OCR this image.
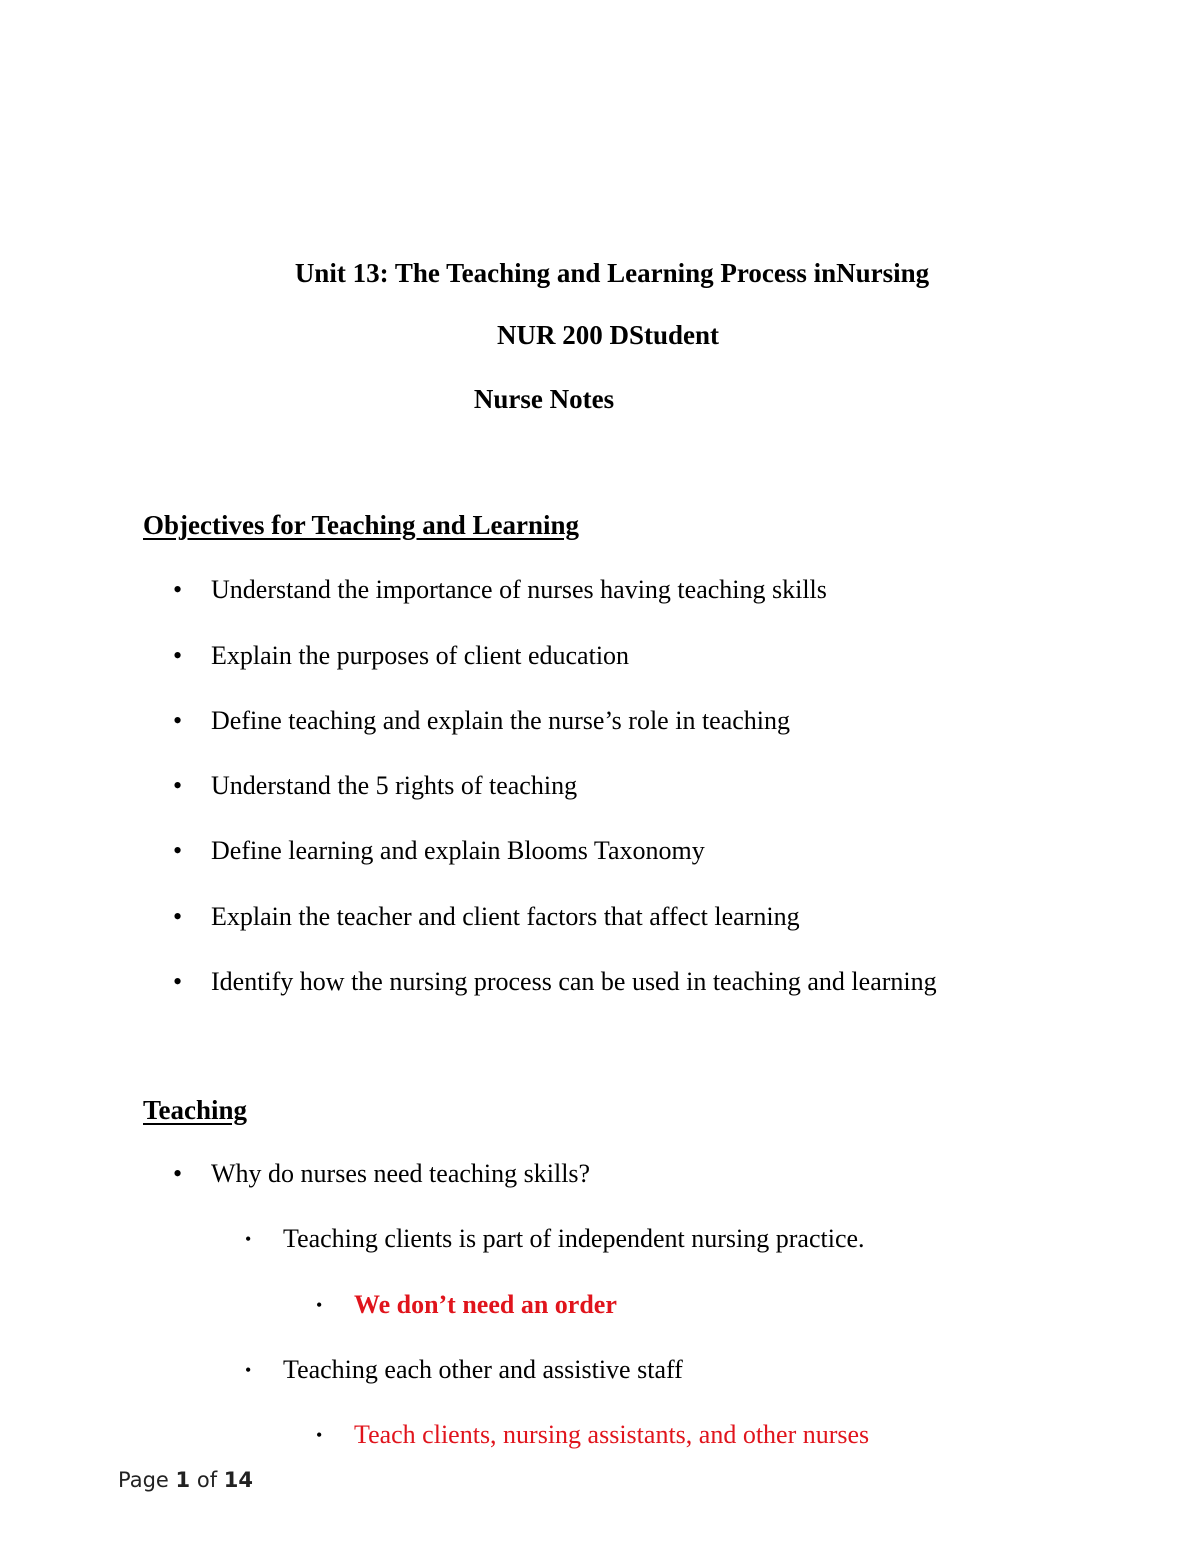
Unit 13: The Teaching and Learning Process inNursing
NUR 200 DStudent
Nurse Notes
Objectives for Teaching and Learning
• Understand the importance of nurses having teaching skills
• Explain the purposes of client education
• Define teaching and explain the nurse’s role in teaching
• Understand the 5 rights of teaching
• Define learning and explain Blooms Taxonomy
• Explain the teacher and client factors that affect learning
• Identify how the nursing process can be used in teaching and learning
Teaching
• Why do nurses need teaching skills?
• Teaching clients is part of independent nursing practice.
• We don’t need an order
• Teaching each other and assistive staff
• Teach clients, nursing assistants, and other nurses
Page 1 of 14
